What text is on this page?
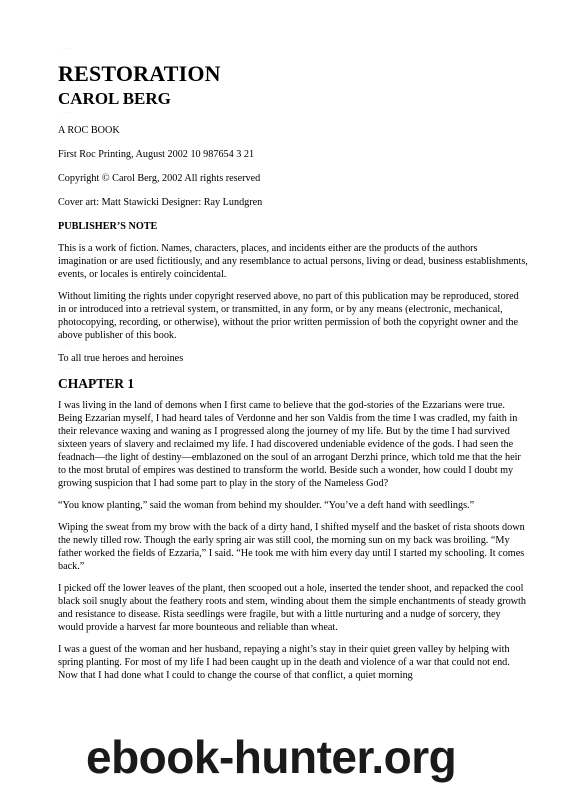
· ·····
RESTORATION
CAROL BERG
· ·····

A ROC BOOK

First Roc Printing, August 2002 10 987654 3 21

Copyright © Carol Berg, 2002 All rights reserved

Cover art: Matt Stawicki Designer: Ray Lundgren

PUBLISHER’S NOTE

This is a work of fiction. Names, characters, places, and incidents either are the products of the authors imagination or are used fictitiously, and any resemblance to actual persons, living or dead, business establishments, events, or locales is entirely coincidental.

Without limiting the rights under copyright reserved above, no part of this publication may be reproduced, stored in or introduced into a retrieval system, or transmitted, in any form, or by any means (electronic, mechanical, photocopying, recording, or otherwise), without the prior written permission of both the copyright owner and the above publisher of this book.

· ·····

To all true heroes and heroines

· ·····
CHAPTER 1

I was living in the land of demons when I first came to believe that the god-stories of the Ezzarians were true. Being Ezzarian myself, I had heard tales of Verdonne and her son Valdis from the time I was cradled, my faith in their relevance waxing and waning as I progressed along the journey of my life. But by the time I had survived sixteen years of slavery and reclaimed my life. I had discovered undeniable evidence of the gods. I had seen the feadnach—the light of destiny—emblazoned on the soul of an arrogant Derzhi prince, which told me that the heir to the most brutal of empires was destined to transform the world. Beside such a wonder, how could I doubt my growing suspicion that I had some part to play in the story of the Nameless God?

“You know planting,” said the woman from behind my shoulder. “You’ve a deft hand with seedlings.”

Wiping the sweat from my brow with the back of a dirty hand, I shifted myself and the basket of rista shoots down the newly tilled row. Though the early spring air was still cool, the morning sun on my back was broiling. “My father worked the fields of Ezzaria,” I said. “He took me with him every day until I started my schooling. It comes back.”

I picked off the lower leaves of the plant, then scooped out a hole, inserted the tender shoot, and repacked the cool black soil snugly about the feathery roots and stem, winding about them the simple enchantments of steady growth and resistance to disease. Rista seedlings were fragile, but with a little nurturing and a nudge of sorcery, they would provide a harvest far more bounteous and reliable than wheat.

I was a guest of the woman and her husband, repaying a night’s stay in their quiet green valley by helping with spring planting. For most of my life I had been caught up in the death and violence of a war that could not end. Now that I had done what I could to change the course of that conflict, a quiet morning

ebook-hunter.org
